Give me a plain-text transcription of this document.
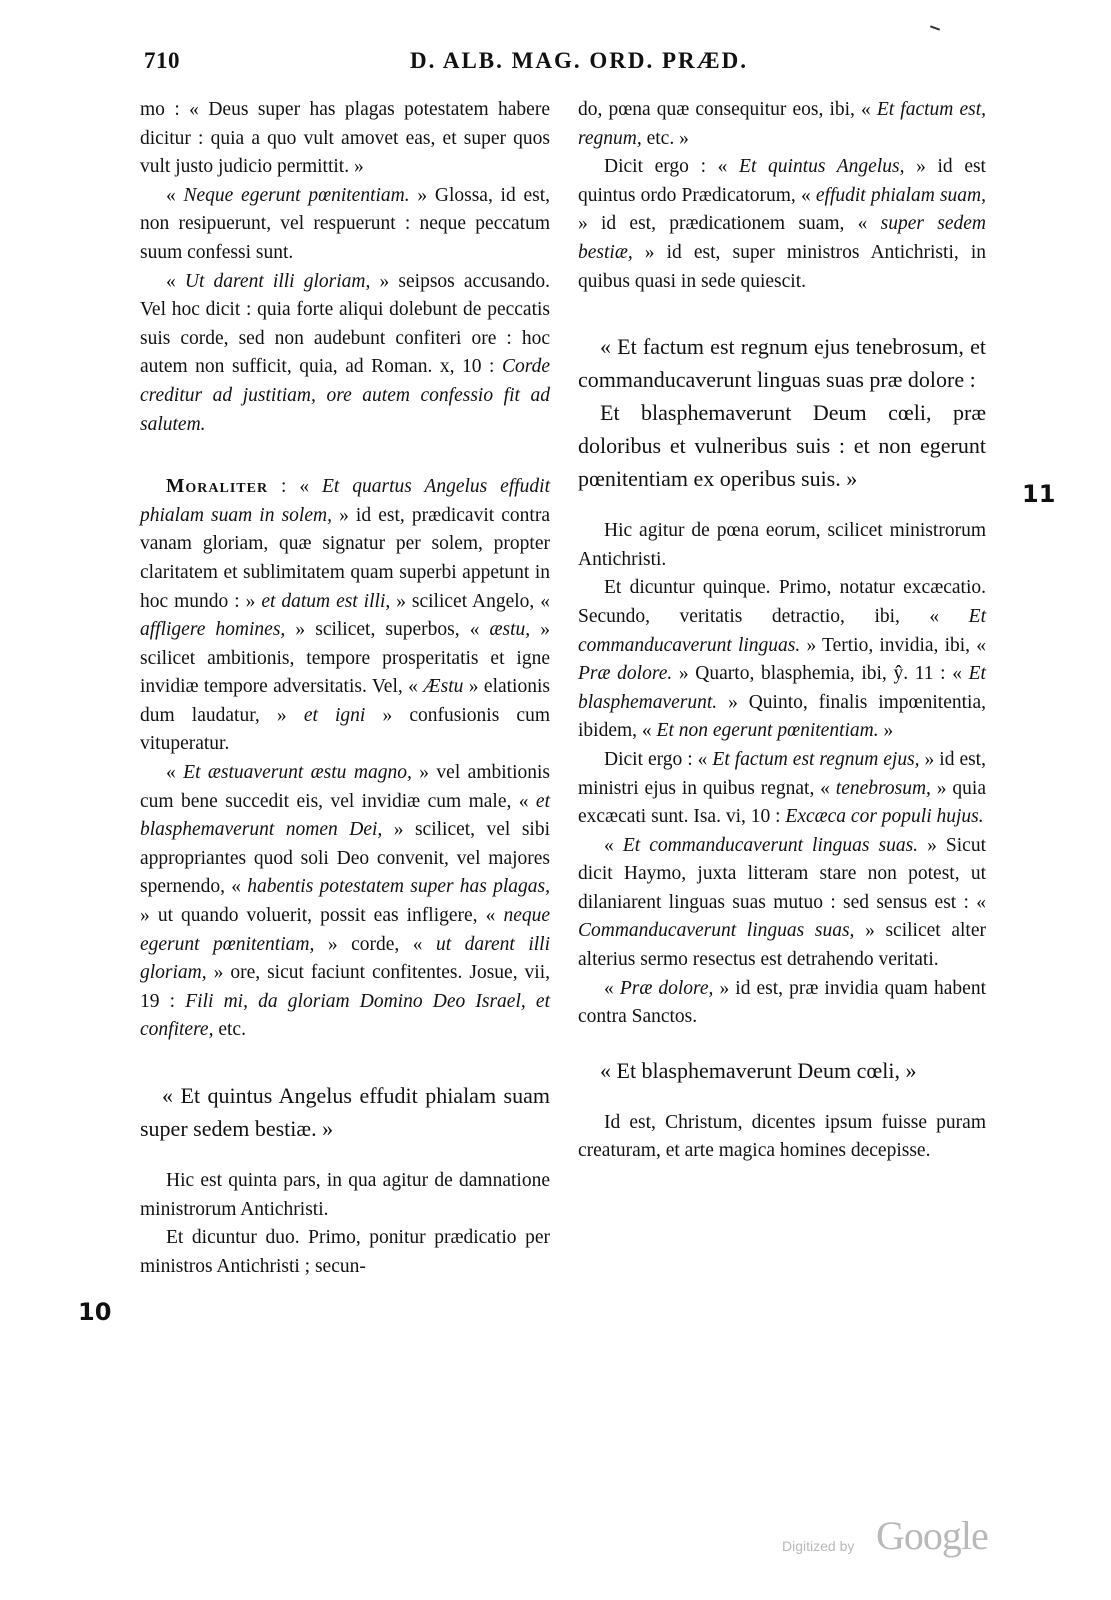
710	D. ALB. MAG. ORD. PRÆD.

mo : « Deus super has plagas potestatem habere dicitur : quia a quo vult amovet eas, et super quos vult justo judicio permittit. »

« Neque egerunt pœnitentiam. » Glossa, id est, non resipuerunt, vel respuerunt : neque peccatum suum confessi sunt.

« Ut darent illi gloriam, » seipsos accusando. Vel hoc dicit : quia forte aliqui dolebunt de peccatis suis corde, sed non audebunt confiteri ore : hoc autem non sufficit, quia, ad Roman. x, 10 : Corde creditur ad justitiam, ore autem confessio fit ad salutem.

Moraliter : « Et quartus Angelus effudit phialam suam in solem, » id est, prædicavit contra vanam gloriam, quæ signatur per solem, propter claritatem et sublimitatem quam superbi appetunt in hoc mundo : » et datum est illi, » scilicet Angelo, « affligere homines, » scilicet, superbos, « æstu, » scilicet ambitionis, tempore prosperitatis et igne invidiæ tempore adversitatis. Vel, « Æstu » elationis dum laudatur, » et igni » confusionis cum vituperatur.

« Et æstuaverunt æstu magno, » vel ambitionis cum bene succedit eis, vel invidiæ cum male, « et blasphemaverunt nomen Dei, » scilicet, vel sibi appropriantes quod soli Deo convenit, vel majores spernendo, « habentis potestatem super has plagas, » ut quando voluerit, possit eas infligere, « neque egerunt pœnitentiam, » corde, « ut darent illi gloriam, » ore, sicut faciunt confitentes. Josue, vii, 19 : Fili mi, da gloriam Domino Deo Israel, et confitere, etc.

« Et quintus Angelus effudit phialam suam super sedem bestiæ. »

Hic est quinta pars, in qua agitur de damnatione ministrorum Antichristi.

Et dicuntur duo. Primo, ponitur prædicatio per ministros Antichristi ; secun-

do, pœna quæ consequitur eos, ibi, « Et factum est, regnum, etc. »

Dicit ergo : « Et quintus Angelus, » id est quintus ordo Prædicatorum, « effudit phialam suam, » id est, prædicationem suam, « super sedem bestiæ, » id est, super ministros Antichristi, in quibus quasi in sede quiescit.

« Et factum est regnum ejus tenebrosum, et commanducaverunt linguas suas præ dolore :

Et blasphemaverunt Deum cœli, præ doloribus et vulneribus suis : et non egerunt pœnitentiam ex operibus suis. »

Hic agitur de pœna eorum, scilicet ministrorum Antichristi.

Et dicuntur quinque. Primo, notatur excæcatio. Secundo, veritatis detractio, ibi, « Et commanducaverunt linguas. » Tertio, invidia, ibi, « Præ dolore. » Quarto, blasphemia, ibi, ŷ. 11 : « Et blasphemaverunt. » Quinto, finalis impœnitentia, ibidem, « Et non egerunt pœnitentiam. »

Dicit ergo : « Et factum est regnum ejus, » id est, ministri ejus in quibus regnat, « tenebrosum, » quia excæcati sunt. Isa. vi, 10 : Excæca cor populi hujus.

« Et commanducaverunt linguas suas. » Sicut dicit Haymo, juxta litteram stare non potest, ut dilaniarent linguas suas mutuo : sed sensus est : « Commanducaverunt linguas suas, » scilicet alter alterius sermo resectus est detrahendo veritati.

« Præ dolore, » id est, præ invidia quam habent contra Sanctos.

« Et blasphemaverunt Deum cœli, »

Id est, Christum, dicentes ipsum fuisse puram creaturam, et arte magica homines decepisse.

10
11
Digitized by Google
